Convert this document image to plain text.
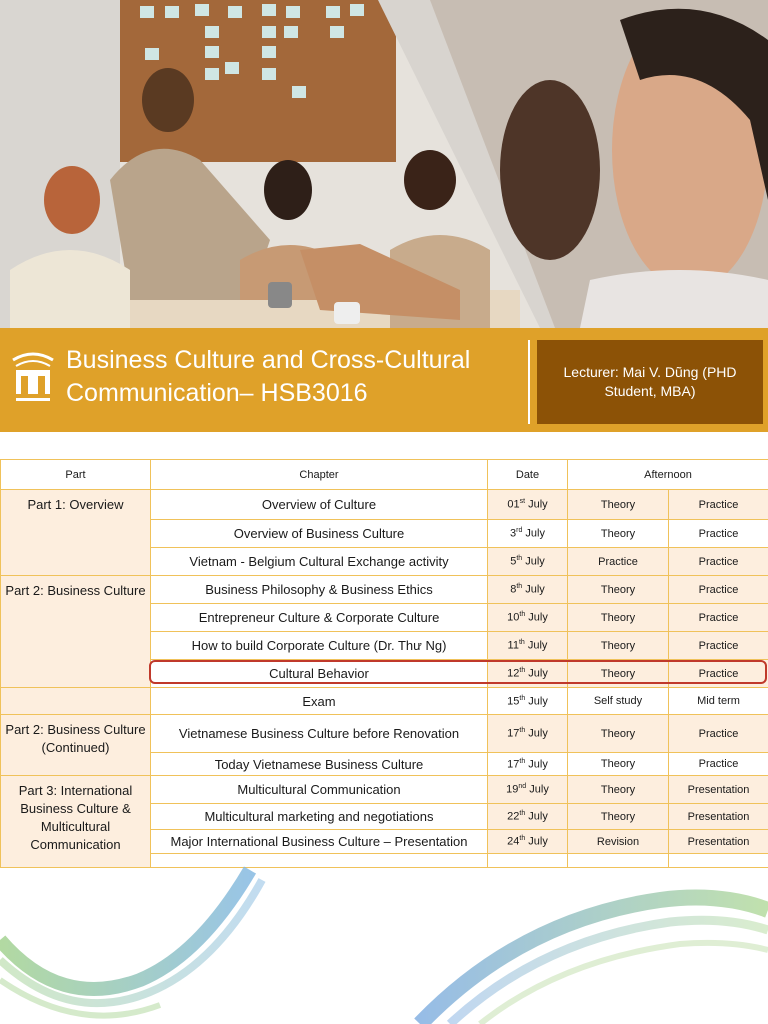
Business Culture and Cross-Cultural
Communication– HSB3016
Lecturer: Mai V. Dũng (PHD Student, MBA)
Part	Chapter	Date	Afternoon	
Part 1: Overview	Overview of Culture	01st July	Theory	Practice
	Overview of Business Culture	3rd July	Theory	Practice
	Vietnam - Belgium Cultural Exchange activity	5th July	Practice	Practice
Part 2: Business Culture	Business Philosophy & Business Ethics	8th July	Theory	Practice
	Entrepreneur Culture & Corporate Culture	10th July	Theory	Practice
	How to build Corporate Culture (Dr. Thư Ng)	11th July	Theory	Practice
	Cultural Behavior	12th July	Theory	Practice
	Exam	15th July	Self study	Mid term
Part 2: Business Culture (Continued)	Vietnamese Business Culture before Renovation	17th July	Theory	Practice
	Today Vietnamese Business Culture	17th July	Theory	Practice
Part 3: International Business Culture & Multicultural Communication	Multicultural Communication	19nd July	Theory	Presentation
	Multicultural marketing and negotiations	22th July	Theory	Presentation
	Major International Business Culture – Presentation	24th July	Revision	Presentation
